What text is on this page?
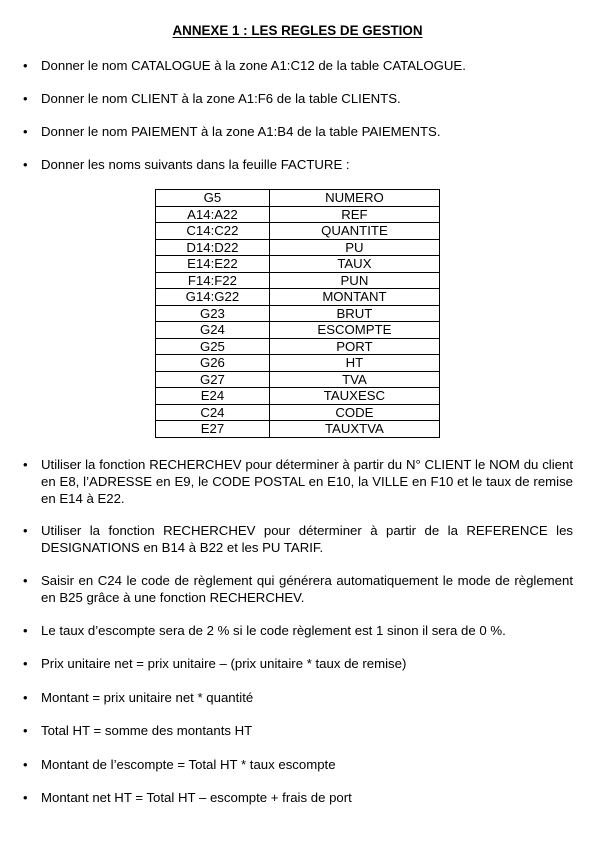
ANNEXE 1 : LES REGLES DE GESTION
•	Donner le nom CATALOGUE à la zone A1:C12 de la table CATALOGUE.
•	Donner le nom CLIENT à la zone A1:F6 de la table CLIENTS.
•	Donner le nom PAIEMENT à la zone A1:B4 de la table PAIEMENTS.
•	Donner les noms suivants dans la feuille FACTURE :
G5	NUMERO
A14:A22	REF
C14:C22	QUANTITE
D14:D22	PU
E14:E22	TAUX
F14:F22	PUN
G14:G22	MONTANT
G23	BRUT
G24	ESCOMPTE
G25	PORT
G26	HT
G27	TVA
E24	TAUXESC
C24	CODE
E27	TAUXTVA
•	Utiliser la fonction RECHERCHEV pour déterminer à partir du N° CLIENT le NOM du client en E8, l’ADRESSE en E9, le CODE POSTAL en E10, la VILLE en F10 et le taux de remise en E14 à E22.
•	Utiliser la fonction RECHERCHEV pour déterminer à partir de la REFERENCE les DESIGNATIONS en B14 à B22 et les PU TARIF.
•	Saisir en C24 le code de règlement qui générera automatiquement le mode de règlement en B25 grâce à une fonction RECHERCHEV.
•	Le taux d’escompte sera de 2 % si le code règlement est 1 sinon il sera de 0 %.
•	Prix unitaire net = prix unitaire – (prix unitaire * taux de remise)
•	Montant = prix unitaire net * quantité
•	Total HT = somme des montants HT
•	Montant de l’escompte = Total HT * taux escompte
•	Montant net HT = Total HT – escompte + frais de port
